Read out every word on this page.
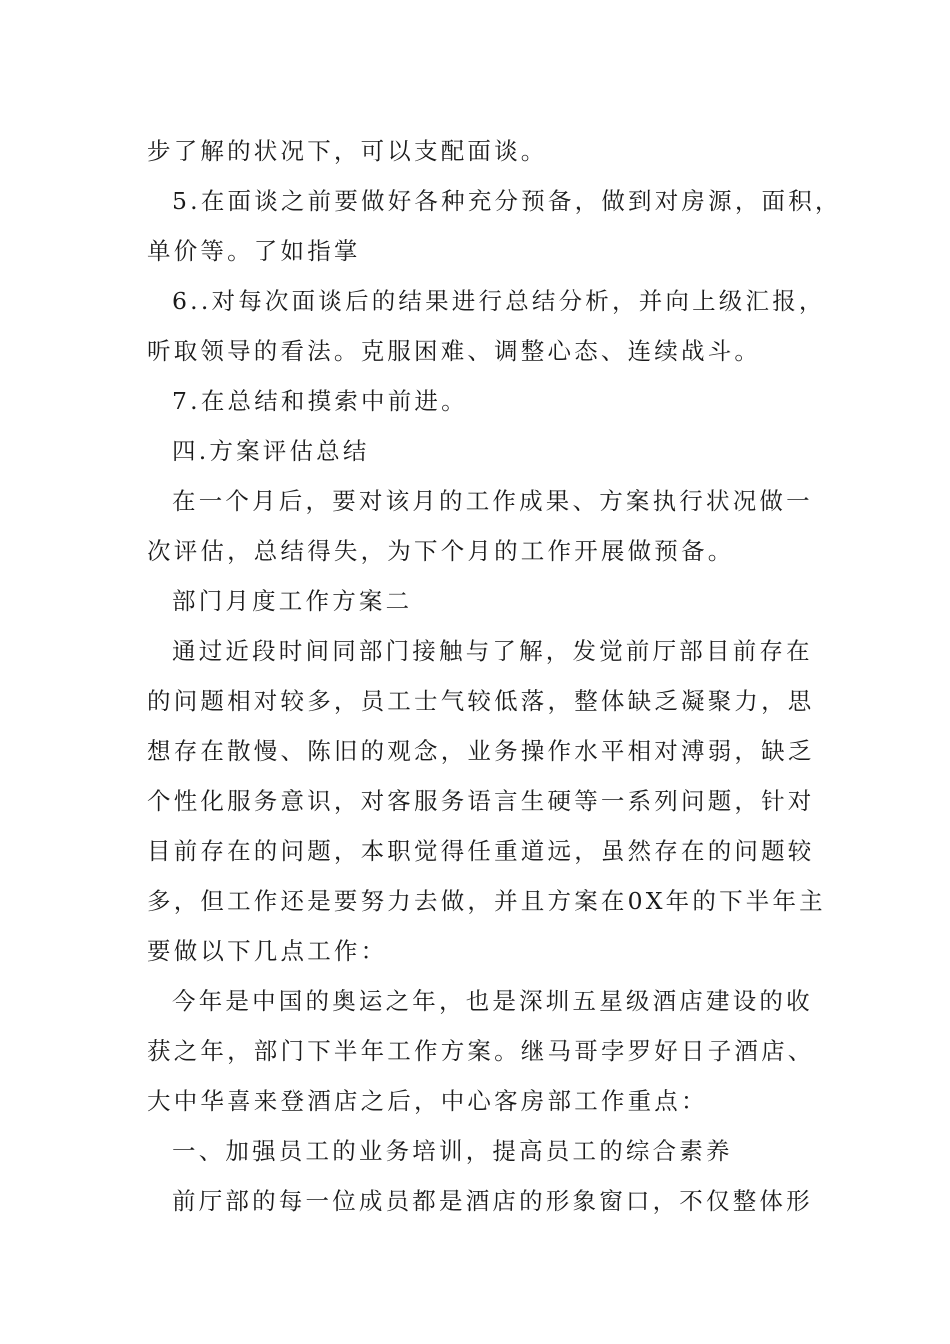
步了解的状况下，可以支配面谈。
5.在面谈之前要做好各种充分预备，做到对房源，面积，
单价等。了如指掌
6..对每次面谈后的结果进行总结分析，并向上级汇报，
听取领导的看法。克服困难、调整心态、连续战斗。
7.在总结和摸索中前进。
四.方案评估总结
在一个月后，要对该月的工作成果、方案执行状况做一
次评估，总结得失，为下个月的工作开展做预备。
部门月度工作方案二
通过近段时间同部门接触与了解，发觉前厅部目前存在
的问题相对较多，员工士气较低落，整体缺乏凝聚力，思
想存在散慢、陈旧的观念，业务操作水平相对溥弱，缺乏
个性化服务意识，对客服务语言生硬等一系列问题，针对
目前存在的问题，本职觉得任重道远，虽然存在的问题较
多，但工作还是要努力去做，并且方案在0X年的下半年主
要做以下几点工作：
今年是中国的奥运之年，也是深圳五星级酒店建设的收
获之年，部门下半年工作方案。继马哥孛罗好日子酒店、
大中华喜来登酒店之后，中心客房部工作重点：
一、加强员工的业务培训，提高员工的综合素养
前厅部的每一位成员都是酒店的形象窗口，不仅整体形
